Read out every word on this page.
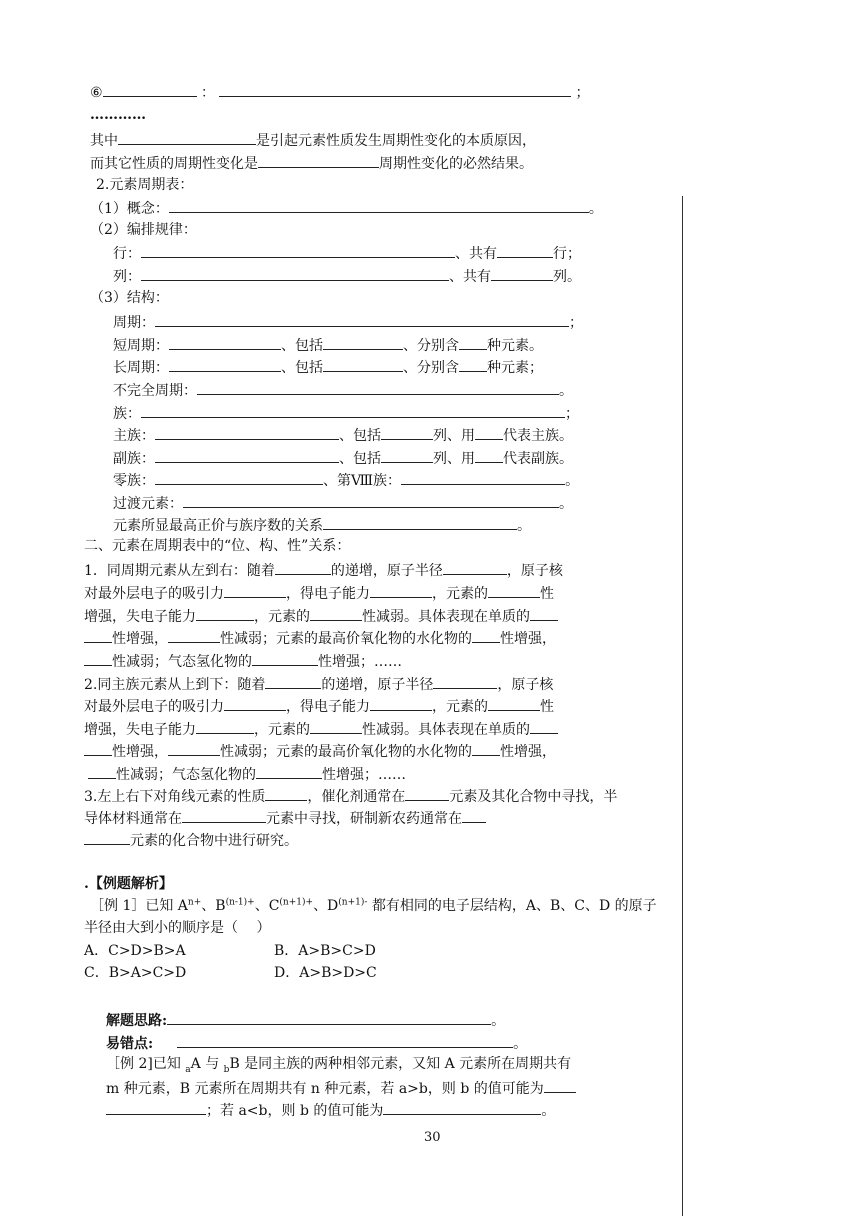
⑥	：	；
…………
其中	是引起元素性质发生周期性变化的本质原因，
而其它性质的周期性变化是	周期性变化的必然结果。
2.元素周期表：
（1）概念：	。
（2）编排规律：
行：	、共有	行；
列：	、共有	列。
（3）结构：
周期：	；
短周期：	、包括	、分别含 种元素。
长周期：	、包括	、分别含 种元素；
不完全周期：	。
族：	；
主族：	、包括	列、用 代表主族。
副族：	、包括	列、用 代表副族。
零族：	、第Ⅷ族：	。
过渡元素：	。
元素所显最高正价与族序数的关系	。
二、元素在周期表中的“位、构、性”关系：
1．同周期元素从左到右：随着	的递增，原子半径	，原子核
对最外层电子的吸引力	，得电子能力	，元素的	性
增强，失电子能力	，元素的	性减弱。具体表现在单质的
性增强，	性减弱；元素的最高价氧化物的水化物的 性增强，
性减弱；气态氢化物的	性增强；……
2.同主族元素从上到下：随着	的递增，原子半径	，原子核
对最外层电子的吸引力	，得电子能力	，元素的	性
增强，失电子能力	，元素的	性减弱。具体表现在单质的
性增强，	性减弱；元素的最高价氧化物的水化物的 性增强，
性减弱；气态氢化物的	性增强；……
3.左上右下对角线元素的性质	，催化剂通常在	元素及其化合物中寻找，半
导体材料通常在	元素中寻找，研制新农药通常在
元素的化合物中进行研究。
.【例题解析】
［例 1］已知 $A^{n+}$、$B^{(n-1)+}$、$C^{(n+1)+}$、$D^{(n+1)-}$ 都有相同的电子层结构，A、B、C、D 的原子
半径由大到小的顺序是（　 ）
A．C>D>B>A	B．A>B>C>D
C．B>A>C>D	D．A>B>D>C
解题思路:	。
易错点:	。
［例 2]已知 $_a$A 与 $_b$B 是同主族的两种相邻元素，又知 A 元素所在周期共有
m 种元素，B 元素所在周期共有 n 种元素，若 a>b，则 b 的值可能为
；若 a<b，则 b 的值可能为	。
30
